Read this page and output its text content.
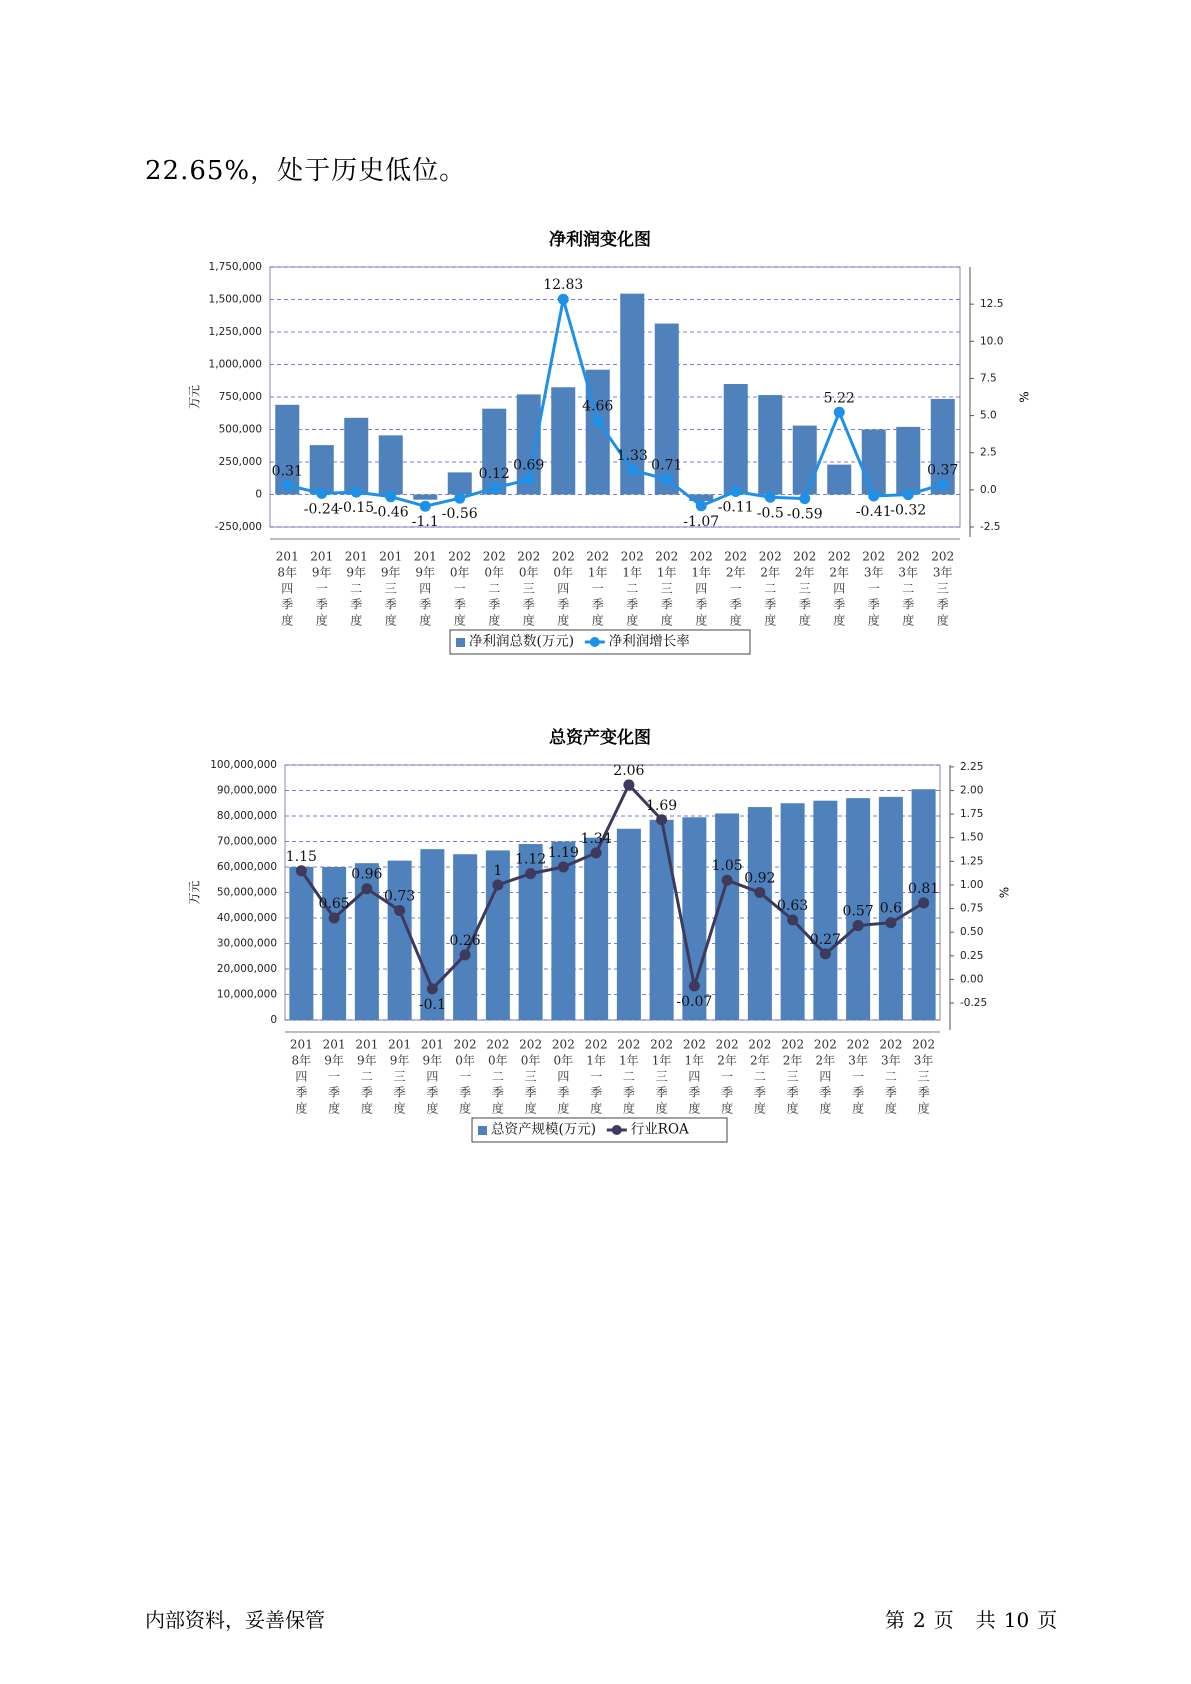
22.65%，处于历史低位。
净利润变化图
1,750,000
1,500,000
1,250,000
1,000,000
750,000
500,000
250,000
0
-250,000
12.5
10.0
7.5
5.0
2.5
0.0
-2.5
万元	%
201
8年
四
季
度
201
9年
一
季
度
201
9年
二
季
度
201
9年
三
季
度
201
9年
四
季
度
202
0年
一
季
度
202
0年
二
季
度
202
0年
三
季
度
202
0年
四
季
度
202
1年
一
季
度
202
1年
二
季
度
202
1年
三
季
度
202
1年
四
季
度
202
2年
一
季
度
202
2年
二
季
度
202
2年
三
季
度
202
2年
四
季
度
202
3年
一
季
度
202
3年
二
季
度
202
3年
三
季
度
0.31
-0.24
-0.15
-0.46
-1.1
-0.56
0.12
0.69
12.83
4.66
1.33
0.71
-1.07
-0.11 -0.5 -0.59
5.22
-0.41
-0.32
0.37
净利润总数(万元)	净利润增长率
总资产变化图
100,000,000
90,000,000
80,000,000
70,000,000
60,000,000
50,000,000
40,000,000
30,000,000
20,000,000
10,000,000
0
2.25
2.00
1.75
1.50
1.25
1.00
0.75
0.50
0.25
0.00
-0.25
万元	%
201
8年
四
季
度
201
9年
一
季
度
201
9年
二
季
度
201
9年
三
季
度
201
9年
四
季
度
202
0年
一
季
度
202
0年
二
季
度
202
0年
三
季
度
202
0年
四
季
度
202
1年
一
季
度
202
1年
二
季
度
202
1年
三
季
度
202
1年
四
季
度
202
2年
一
季
度
202
2年
二
季
度
202
2年
三
季
度
202
2年
四
季
度
202
3年
一
季
度
202
3年
二
季
度
202
3年
三
季
度
1.15
0.65
0.96
0.73
-0.1
0.26
1
1.12 1.19
1.34
2.06
1.69
-0.07
1.05
0.92
0.63
0.27
0.57 0.6
0.81
总资产规模(万元)	行业ROA
内部资料，妥善保管	第 2 页 共 10 页
